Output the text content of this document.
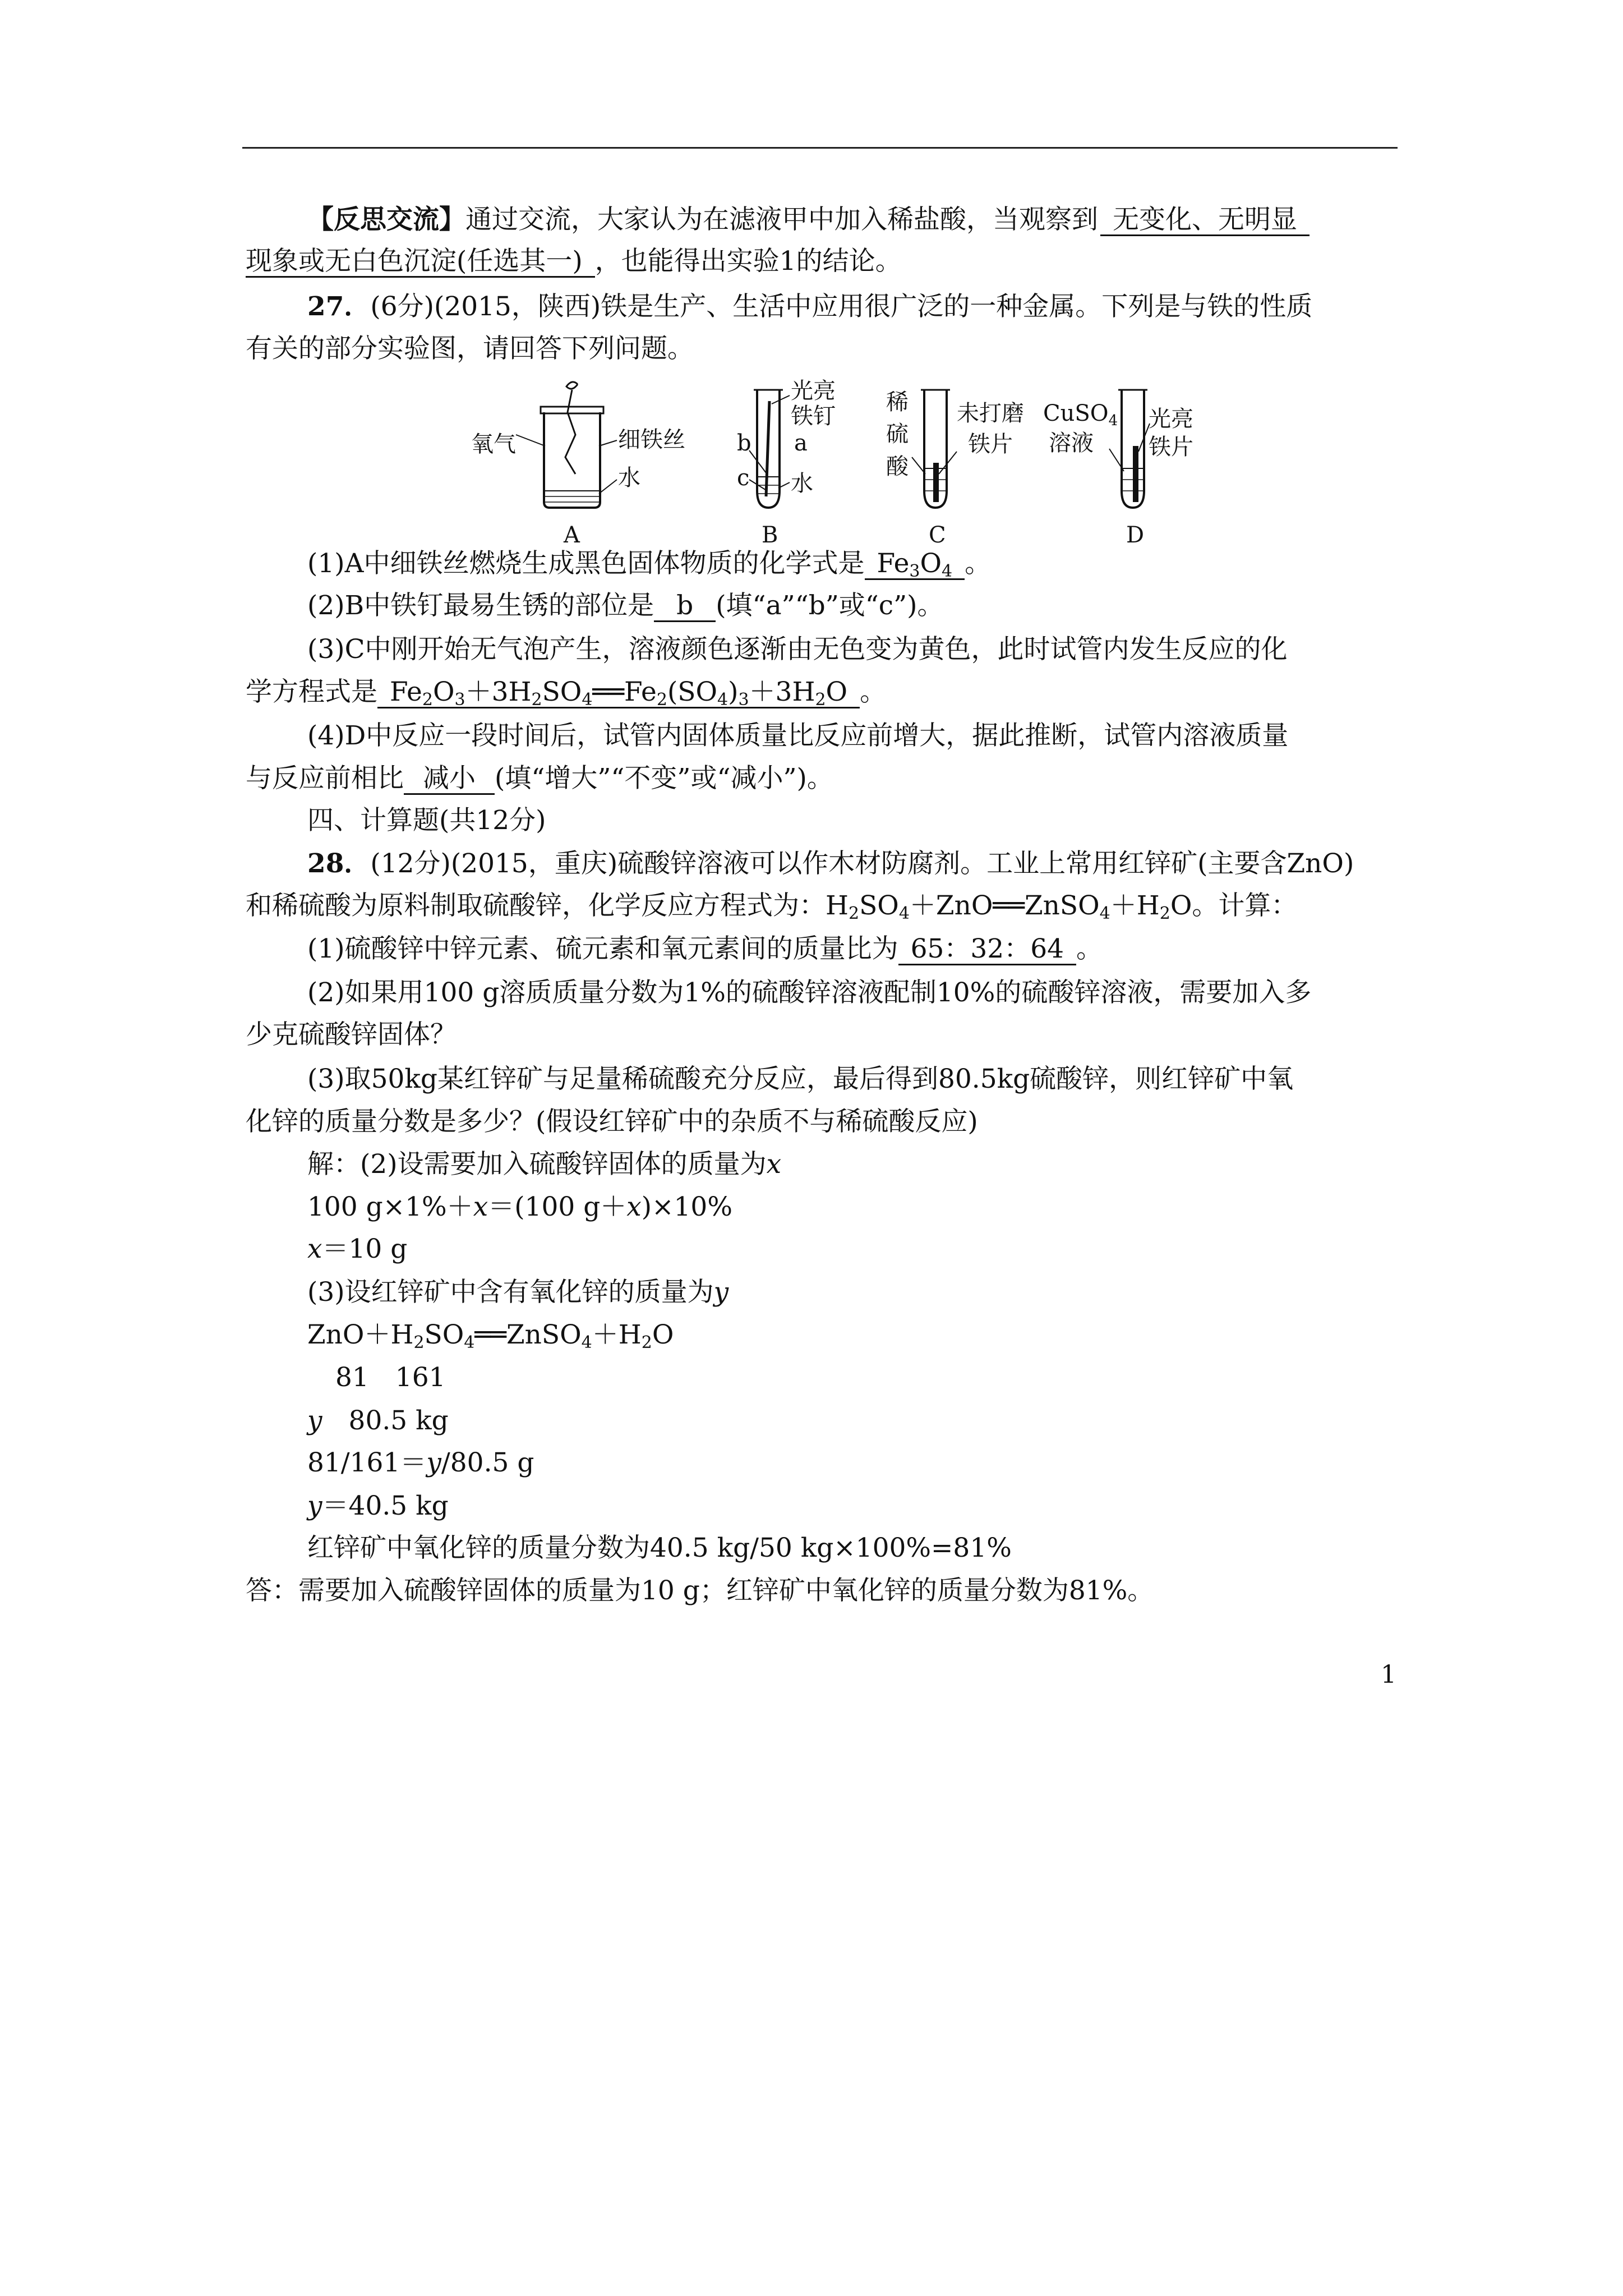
【反思交流】通过交流，大家认为在滤液甲中加入稀盐酸，当观察到 无变化、无明显
现象或无白色沉淀(任选其一) ，也能得出实验1的结论。
27．(6分)(2015，陕西)铁是生产、生活中应用很广泛的一种金属。下列是与铁的性质
有关的部分实验图，请回答下列问题。
氧气	细铁丝
水
A
光亮
铁钉
a
b
c 水
B
稀
硫
酸
未打磨
铁片
C
CuSO$_4$
溶液
光亮
铁片
D
(1)A中细铁丝燃烧生成黑色固体物质的化学式是 $Fe_3O_4$ 。
(2)B中铁钉最易生锈的部位是 b (填“a”“b”或“c”)。
(3)C中刚开始无气泡产生，溶液颜色逐渐由无色变为黄色，此时试管内发生反应的化
学方程式是 $Fe_2O_3+3H_2SO_4══Fe_2(SO_4)_3+3H_2O$ 。
(4)D中反应一段时间后，试管内固体质量比反应前增大，据此推断，试管内溶液质量
与反应前相比 减小 (填“增大”“不变”或“减小”)。
四、计算题(共12分)
28．(12分)(2015，重庆)硫酸锌溶液可以作木材防腐剂。工业上常用红锌矿(主要含ZnO)
和稀硫酸为原料制取硫酸锌，化学反应方程式为：$H_2SO_4+ZnO══ZnSO_4+H_2O$。计算：
(1)硫酸锌中锌元素、硫元素和氧元素间的质量比为 65：32：64 。
(2)如果用100 g溶质质量分数为1%的硫酸锌溶液配制10%的硫酸锌溶液，需要加入多
少克硫酸锌固体？
(3)取50kg某红锌矿与足量稀硫酸充分反应，最后得到80.5kg硫酸锌，则红锌矿中氧
化锌的质量分数是多少？(假设红锌矿中的杂质不与稀硫酸反应)
解：(2)设需要加入硫酸锌固体的质量为x
100 g×1%＋x＝(100 g＋x)×10%
x＝10 g
(3)设红锌矿中含有氧化锌的质量为y
$ZnO+H_2SO_4══ZnSO_4+H_2O$
81　161
y　80.5 kg
81/161＝y/80.5 g
y＝40.5 kg
红锌矿中氧化锌的质量分数为40.5 kg/50 kg×100%=81%
答：需要加入硫酸锌固体的质量为10 g；红锌矿中氧化锌的质量分数为81%。
1
